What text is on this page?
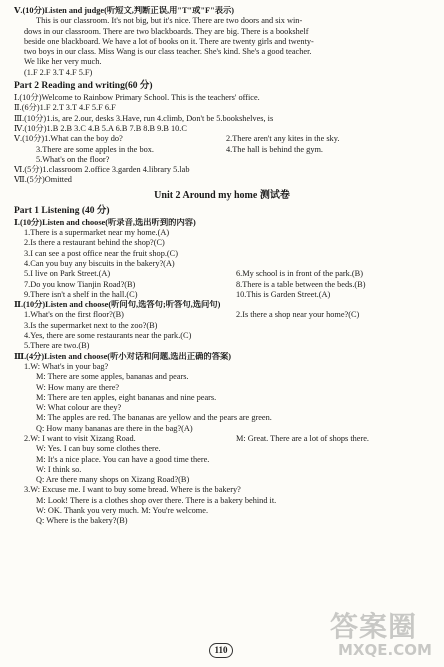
Ⅴ.(10分)Listen and judge(听短文,判断正误,用"T"或"F"表示)
This is our classroom. It's not big, but it's nice. There are two doors and six win-
dows in our classroom. There are two blackboards. They are big. There is a bookshelf
beside one blackboard. We have a lot of books on it. There are twenty girls and twenty-
two boys in our class. Miss Wang is our class teacher. She's kind. She's a good teacher.
We like her very much.
(1.F 2.F 3.T 4.F 5.F)
Part 2 Reading and writing(60 分)
Ⅰ.(10分)Welcome to Rainbow Primary School. This is the teachers' office.
Ⅱ.(6分)1.F 2.T 3.T 4.F 5.F 6.F
Ⅲ.(10分)1.is, are 2.our, desks 3.Have, run 4.climb, Don't be 5.bookshelves, is
Ⅳ.(10分)1.B 2.B 3.C 4.B 5.A 6.B 7.B 8.B 9.B 10.C
Ⅴ.(10分)1.What can the boy do?	2.There aren't any kites in the sky.
3.There are some apples in the box.	4.The hall is behind the gym.
5.What's on the floor?
Ⅵ.(5分)1.classroom 2.office 3.garden 4.library 5.lab
Ⅶ.(5分)Omitted
Unit 2 Around my home 测试卷
Part 1 Listening (40 分)
Ⅰ.(10分)Listen and choose(听录音,选出听到的内容)
1.There is a supermarket near my home.(A)
2.Is there a restaurant behind the shop?(C)
3.I can see a post office near the fruit shop.(C)
4.Can you buy any biscuits in the bakery?(A)
5.I live on Park Street.(A)	6.My school is in front of the park.(B)
7.Do you know Tianjin Road?(B)	8.There is a table between the beds.(B)
9.There isn't a shelf in the hall.(C)	10.This is Garden Street.(A)
Ⅱ.(10分)Listen and choose(听问句,选答句;听答句,选问句)
1.What's on the first floor?(B)	2.Is there a shop near your home?(C)
3.Is the supermarket next to the zoo?(B)
4.Yes, there are some restaurants near the park.(C)
5.There are two.(B)
Ⅲ.(4分)Listen and choose(听小对话和问题,选出正确的答案)
1.W: What's in your bag?
M: There are some apples, bananas and pears.
W: How many are there?
M: There are ten apples, eight bananas and nine pears.
W: What colour are they?
M: The apples are red. The bananas are yellow and the pears are green.
Q: How many bananas are there in the bag?(A)
2.W: I want to visit Xizang Road.	M: Great. There are a lot of shops there.
W: Yes. I can buy some clothes there.
M: It's a nice place. You can have a good time there.
W: I think so.
Q: Are there many shops on Xizang Road?(B)
3.W: Excuse me. I want to buy some bread. Where is the bakery?
M: Look! There is a clothes shop over there. There is a bakery behind it.
W: OK. Thank you very much. M: You're welcome.
Q: Where is the bakery?(B)
110
答案圈
MXQE.COM
